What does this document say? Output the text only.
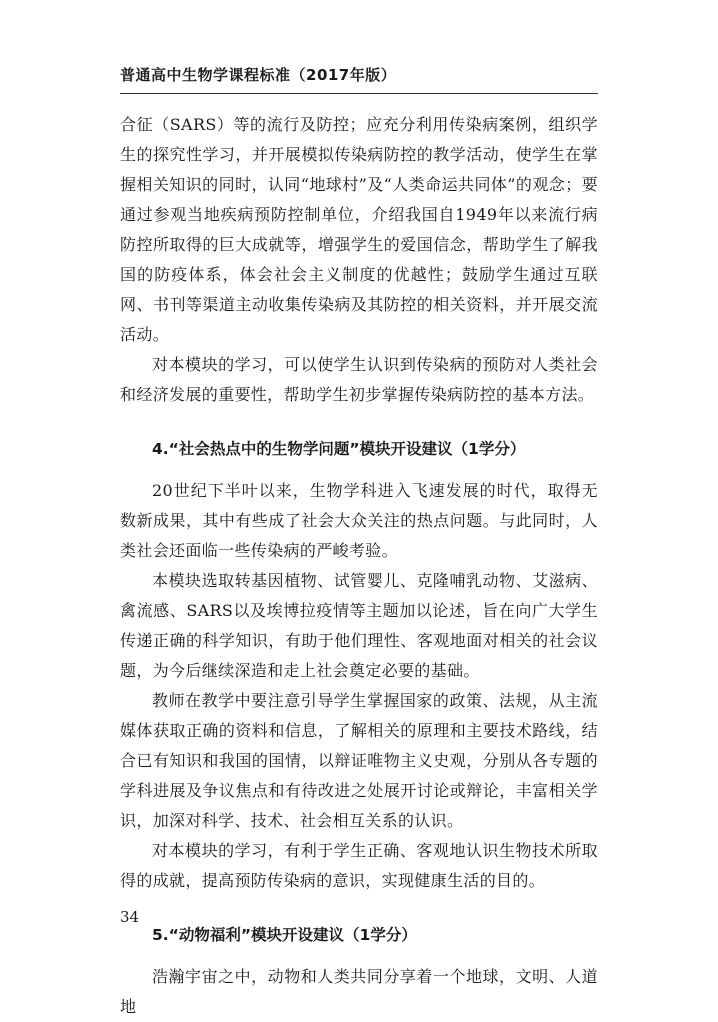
普通高中生物学课程标准（2017年版）

合征（SARS）等的流行及防控；应充分利用传染病案例，组织学生的探究性学习，并开展模拟传染病防控的教学活动，使学生在掌握相关知识的同时，认同“地球村”及“人类命运共同体”的观念；要通过参观当地疾病预防控制单位，介绍我国自1949年以来流行病防控所取得的巨大成就等，增强学生的爱国信念，帮助学生了解我国的防疫体系，体会社会主义制度的优越性；鼓励学生通过互联网、书刊等渠道主动收集传染病及其防控的相关资料，并开展交流活动。

对本模块的学习，可以使学生认识到传染病的预防对人类社会和经济发展的重要性，帮助学生初步掌握传染病防控的基本方法。

4.“社会热点中的生物学问题”模块开设建议（1学分）

20世纪下半叶以来，生物学科进入飞速发展的时代，取得无数新成果，其中有些成了社会大众关注的热点问题。与此同时，人类社会还面临一些传染病的严峻考验。

本模块选取转基因植物、试管婴儿、克隆哺乳动物、艾滋病、禽流感、SARS以及埃博拉疫情等主题加以论述，旨在向广大学生传递正确的科学知识，有助于他们理性、客观地面对相关的社会议题，为今后继续深造和走上社会奠定必要的基础。

教师在教学中要注意引导学生掌握国家的政策、法规，从主流媒体获取正确的资料和信息，了解相关的原理和主要技术路线，结合已有知识和我国的国情，以辩证唯物主义史观，分别从各专题的学科进展及争议焦点和有待改进之处展开讨论或辩论，丰富相关学识，加深对科学、技术、社会相互关系的认识。

对本模块的学习，有利于学生正确、客观地认识生物技术所取得的成就，提高预防传染病的意识，实现健康生活的目的。

5.“动物福利”模块开设建议（1学分）

浩瀚宇宙之中，动物和人类共同分享着一个地球，文明、人道地

34
